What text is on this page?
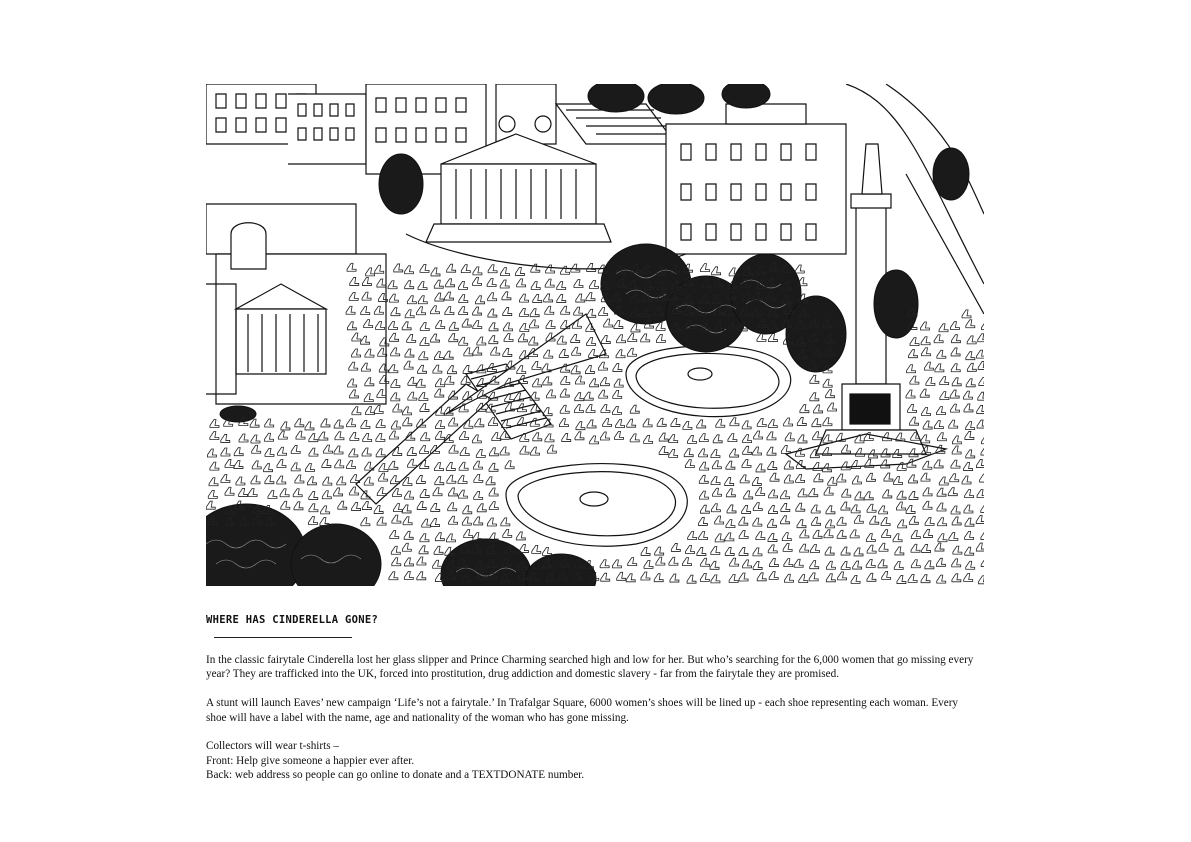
WHERE HAS CINDERELLA GONE?

In the classic fairytale Cinderella lost her glass slipper and Prince Charming searched high and low for her. But who’s searching for the 6,000 women that go missing every year? They are trafficked into the UK, forced into prostitution, drug addiction and domestic slavery - far from the fairytale they are promised.

A stunt will launch Eaves’ new campaign ‘Life’s not a fairytale.’ In Trafalgar Square, 6000 women’s shoes will be lined up - each shoe representing each woman. Every shoe will have a label with the name, age and nationality of the woman who has gone missing.

Collectors will wear t-shirts –

Front: Help give someone a happier ever after.

Back: web address so people can go online to donate and a TEXTDONATE number.
